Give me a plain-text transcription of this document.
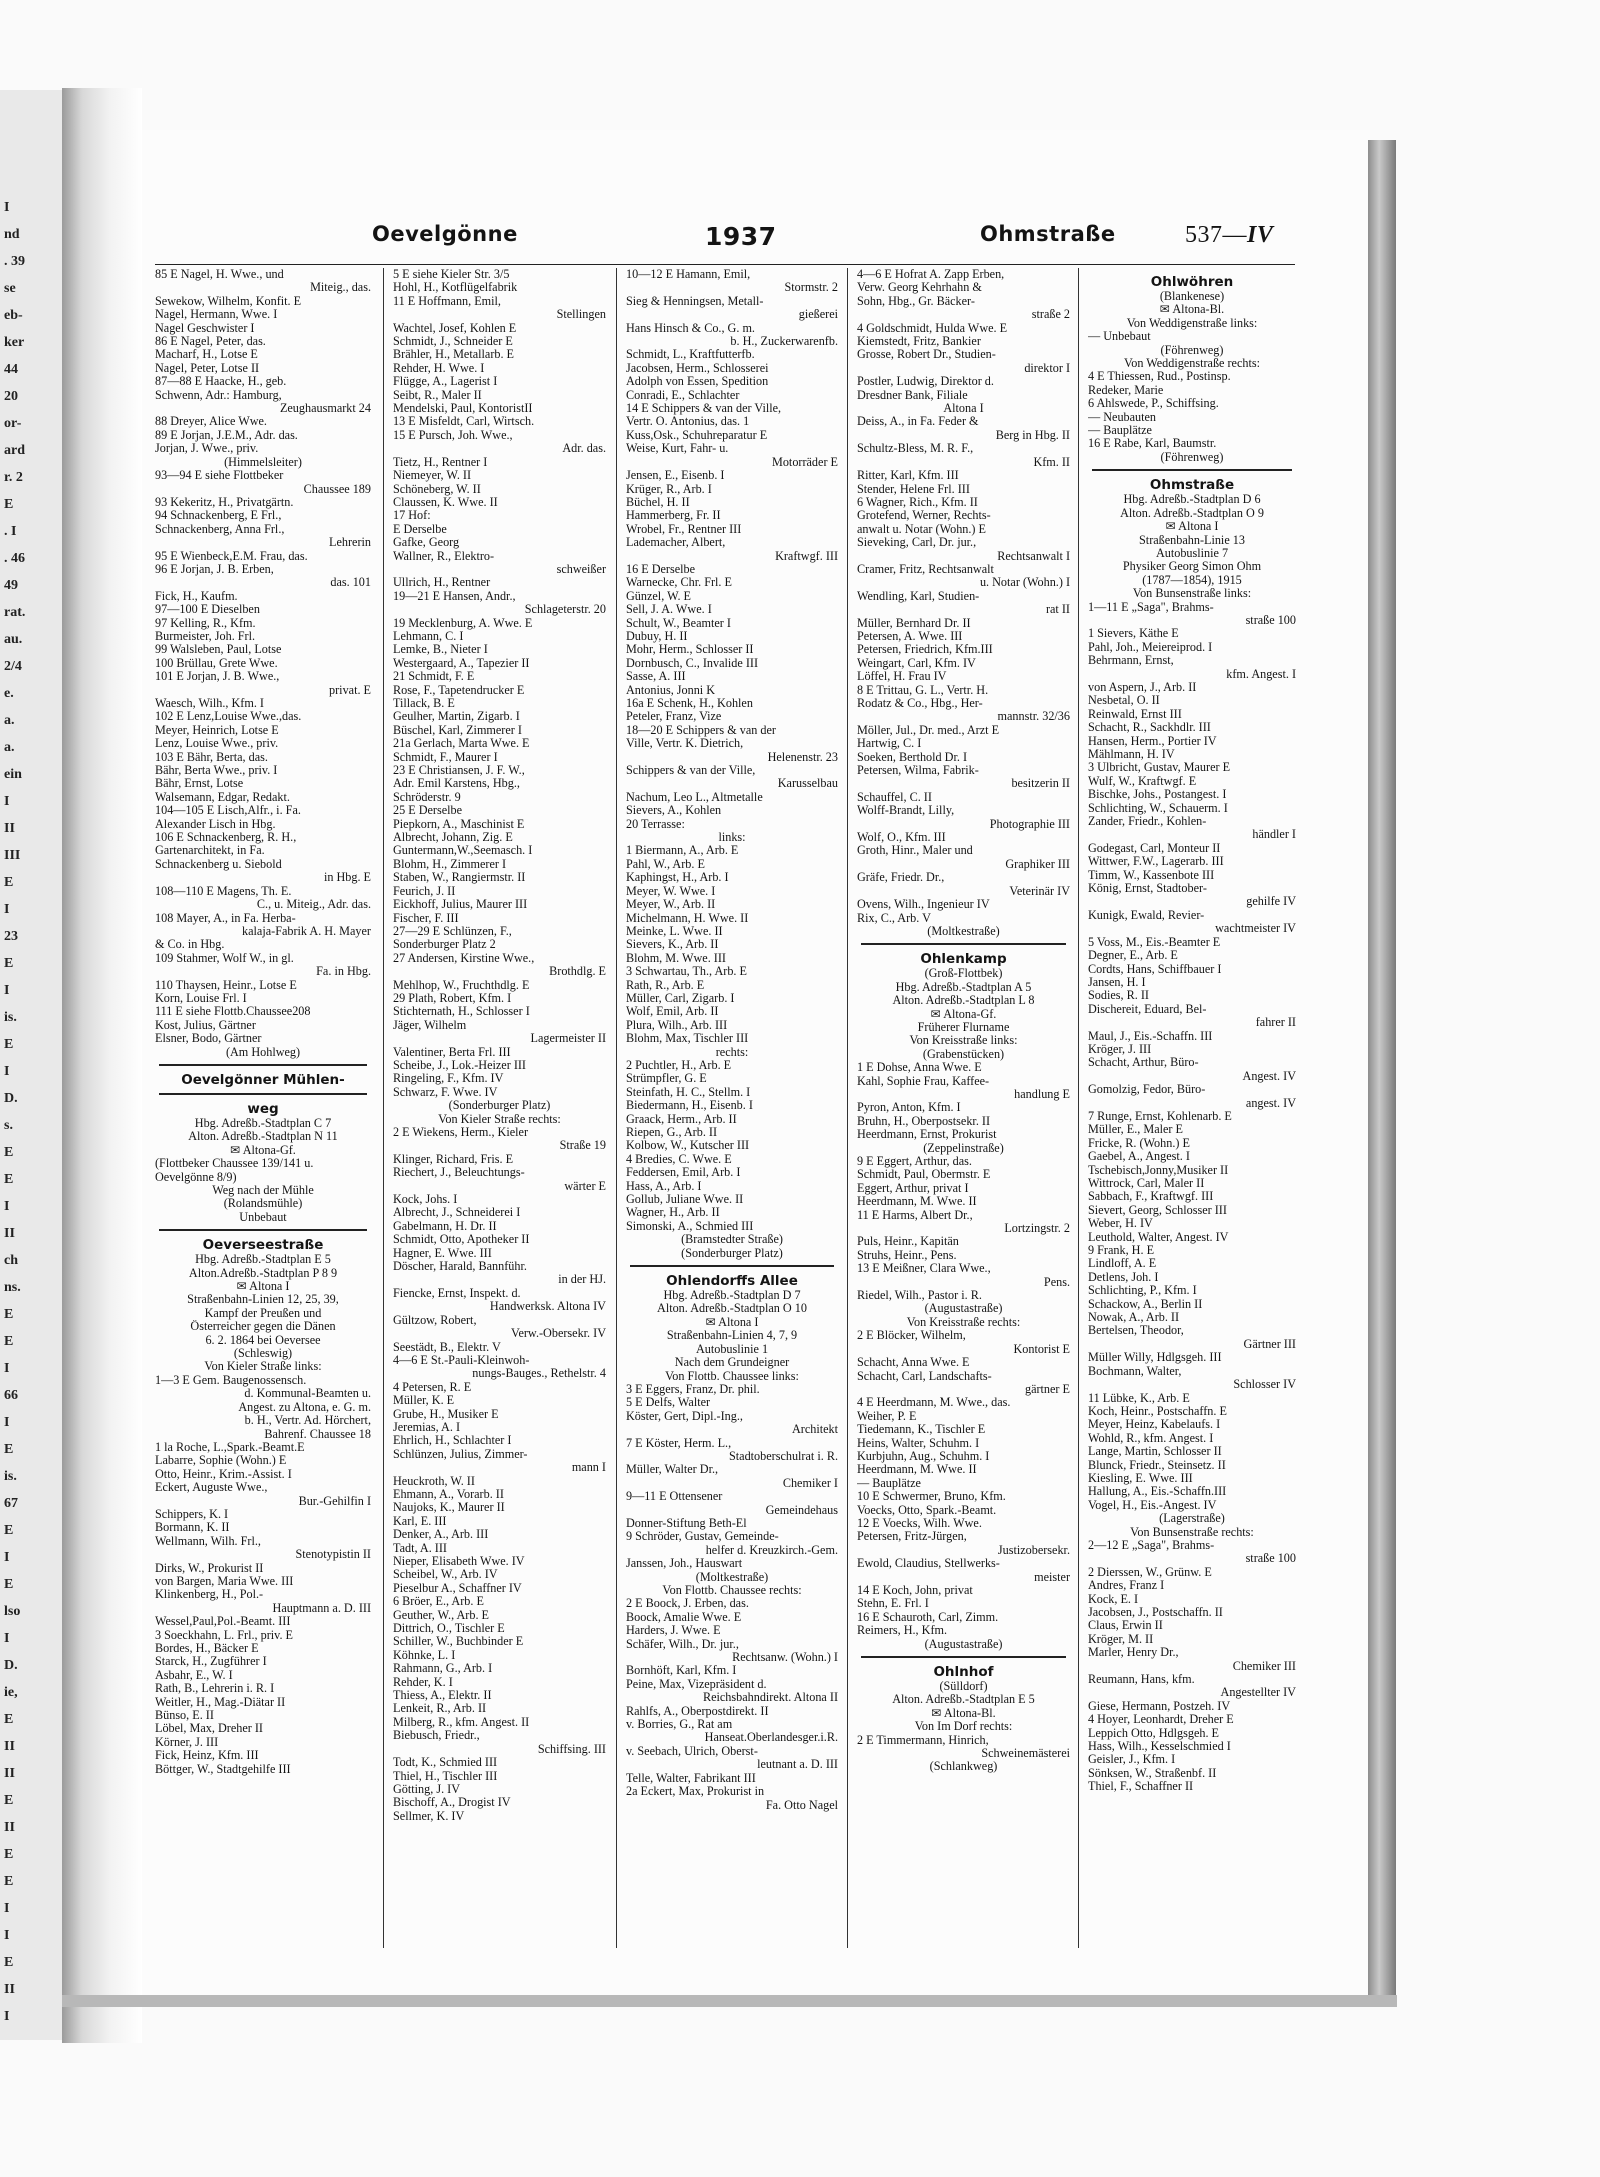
I
nd
. 39
se
eb-
ker
44
20
or-
ard
r. 2
E
. I
. 46
49
rat.
au.
2/4
e.
a.
a.
ein
I
II
III
E
I
23
E
I
is.
E
I
D.
s.
E
E
I
II
ch
ns.
E
E
I
66
I
E
is.
67
E
I
E
lso
I
D.
ie,
E
II
II
E
II
E
E
I
I
E
II
I
Oevelgönne	1937	Ohmstraße	537—IV
85 E Nagel, H. Wwe., und
Miteig., das.
Sewekow, Wilhelm, Konfit. E
Nagel, Hermann, Wwe. I
Nagel Geschwister I
86 E Nagel, Peter, das.
Macharf, H., Lotse E
Nagel, Peter, Lotse II
87—88 E Haacke, H., geb.
Schwenn, Adr.: Hamburg,
Zeughausmarkt 24
88 Dreyer, Alice Wwe.
89 E Jorjan, J.E.M., Adr. das.
Jorjan, J. Wwe., priv.
(Himmelsleiter)
93—94 E siehe Flottbeker
Chaussee 189
93 Kekeritz, H., Privatgärtn.
94 Schnackenberg, E Frl.,
Schnackenberg, Anna Frl.,
Lehrerin
95 E Wienbeck,E.M. Frau, das.
96 E Jorjan, J. B. Erben,
das. 101
Fick, H., Kaufm.
97—100 E Dieselben
97 Kelling, R., Kfm.
Burmeister, Joh. Frl.
99 Walsleben, Paul, Lotse
100 Brüllau, Grete Wwe.
101 E Jorjan, J. B. Wwe.,
privat. E
Waesch, Wilh., Kfm. I
102 E Lenz,Louise Wwe.,das.
Meyer, Heinrich, Lotse E
Lenz, Louise Wwe., priv.
103 E Bähr, Berta, das.
Bähr, Berta Wwe., priv. I
Bähr, Ernst, Lotse
Walsemann, Edgar, Redakt.
104—105 E Lisch,Alfr., i. Fa.
Alexander Lisch in Hbg.
106 E Schnackenberg, R. H.,
Gartenarchitekt, in Fa.
Schnackenberg u. Siebold
in Hbg. E
108—110 E Magens, Th. E.
C., u. Miteig., Adr. das.
108 Mayer, A., in Fa. Herba-
kalaja-Fabrik A. H. Mayer
& Co. in Hbg.
109 Stahmer, Wolf W., in gl.
Fa. in Hbg.
110 Thaysen, Heinr., Lotse E
Korn, Louise Frl. I
111 E siehe Flottb.Chaussee208
Kost, Julius, Gärtner
Elsner, Bodo, Gärtner
(Am Hohlweg)
Oevelgönner Mühlen-
weg
Hbg. Adreßb.-Stadtplan C 7
Alton. Adreßb.-Stadtplan N 11
✉ Altona-Gf.
(Flottbeker Chaussee 139/141 u.
Oevelgönne 8/9)
Weg nach der Mühle
(Rolandsmühle)
Unbebaut
Oeverseestraße
Hbg. Adreßb.-Stadtplan E 5
Alton.Adreßb.-Stadtplan P 8 9
✉ Altona I
Straßenbahn-Linien 12, 25, 39,
Kampf der Preußen und
Österreicher gegen die Dänen
6. 2. 1864 bei Oeversee
(Schleswig)
Von Kieler Straße links:
1—3 E Gem. Baugenossensch.
d. Kommunal-Beamten u.
Angest. zu Altona, e. G. m.
b. H., Vertr. Ad. Hörchert,
Bahrenf. Chaussee 18
1 la Roche, L.,Spark.-Beamt.E
Labarre, Sophie (Wohn.) E
Otto, Heinr., Krim.-Assist. I
Eckert, Auguste Wwe.,
Bur.-Gehilfin I
Schippers, K. I
Bormann, K. II
Wellmann, Wilh. Frl.,
Stenotypistin II
Dirks, W., Prokurist II
von Bargen, Maria Wwe. III
Klinkenberg, H., Pol.-
Hauptmann a. D. III
Wessel,Paul,Pol.-Beamt. III
3 Soeckhahn, L. Frl., priv. E
Bordes, H., Bäcker E
Starck, H., Zugführer I
Asbahr, E., W. I
Rath, B., Lehrerin i. R. I
Weitler, H., Mag.-Diätar II
Bünso, E. II
Löbel, Max, Dreher II
Körner, J. III
Fick, Heinz, Kfm. III
Böttger, W., Stadtgehilfe III
5 E siehe Kieler Str. 3/5
Hohl, H., Kotflügelfabrik
11 E Hoffmann, Emil,
Stellingen
Wachtel, Josef, Kohlen E
Schmidt, J., Schneider E
Brähler, H., Metallarb. E
Rehder, H. Wwe. I
Flügge, A., Lagerist I
Seibt, R., Maler II
Mendelski, Paul, KontoristII
13 E Misfeldt, Carl, Wirtsch.
15 E Pursch, Joh. Wwe.,
Adr. das.
Tietz, H., Rentner I
Niemeyer, W. II
Schöneberg, W. II
Claussen, K. Wwe. II
17 Hof:
E Derselbe
Gafke, Georg
Wallner, R., Elektro-
schweißer
Ullrich, H., Rentner
19—21 E Hansen, Andr.,
Schlageterstr. 20
19 Mecklenburg, A. Wwe. E
Lehmann, C. I
Lemke, B., Nieter I
Westergaard, A., Tapezier II
21 Schmidt, F. E
Rose, F., Tapetendrucker E
Tillack, B. E
Geulher, Martin, Zigarb. I
Büschel, Karl, Zimmerer I
21a Gerlach, Marta Wwe. E
Schmidt, F., Maurer I
23 E Christiansen, J. F. W.,
Adr. Emil Karstens, Hbg.,
Schröderstr. 9
25 E Derselbe
Piepkorn, A., Maschinist E
Albrecht, Johann, Zig. E
Guntermann,W.,Seemasch. I
Blohm, H., Zimmerer I
Staben, W., Rangiermstr. II
Feurich, J. II
Eickhoff, Julius, Maurer III
Fischer, F. III
27—29 E Schlünzen, F.,
Sonderburger Platz 2
27 Andersen, Kirstine Wwe.,
Brothdlg. E
Mehlhop, W., Fruchthdlg. E
29 Plath, Robert, Kfm. I
Stichternath, H., Schlosser I
Jäger, Wilhelm
Lagermeister II
Valentiner, Berta Frl. III
Scheibe, J., Lok.-Heizer III
Ringeling, F., Kfm. IV
Schwarz, F. Wwe. IV
(Sonderburger Platz)
Von Kieler Straße rechts:
2 E Wiekens, Herm., Kieler
Straße 19
Klinger, Richard, Fris. E
Riechert, J., Beleuchtungs-
wärter E
Kock, Johs. I
Albrecht, J., Schneiderei I
Gabelmann, H. Dr. II
Schmidt, Otto, Apotheker II
Hagner, E. Wwe. III
Döscher, Harald, Bannführ.
in der HJ.
Fiencke, Ernst, Inspekt. d.
Handwerksk. Altona IV
Gültzow, Robert,
Verw.-Obersekr. IV
Seestädt, B., Elektr. V
4—6 E St.-Pauli-Kleinwoh-
nungs-Bauges., Rethelstr. 4
4 Petersen, R. E
Müller, K. E
Grube, H., Musiker E
Jeremias, A. I
Ehrlich, H., Schlachter I
Schlünzen, Julius, Zimmer-
mann I
Heuckroth, W. II
Ehmann, A., Vorarb. II
Naujoks, K., Maurer II
Karl, E. III
Denker, A., Arb. III
Tadt, A. III
Nieper, Elisabeth Wwe. IV
Scheibel, W., Arb. IV
Pieselbur A., Schaffner IV
6 Bröer, E., Arb. E
Geuther, W., Arb. E
Dittrich, O., Tischler E
Schiller, W., Buchbinder E
Köhnke, L. I
Rahmann, G., Arb. I
Rehder, K. I
Thiess, A., Elektr. II
Lenkeit, R., Arb. II
Milberg, R., kfm. Angest. II
Biebusch, Friedr.,
Schiffsing. III
Todt, K., Schmied III
Thiel, H., Tischler III
Götting, J. IV
Bischoff, A., Drogist IV
Sellmer, K. IV
10—12 E Hamann, Emil,
Stormstr. 2
Sieg & Henningsen, Metall-
gießerei
Hans Hinsch & Co., G. m.
b. H., Zuckerwarenfb.
Schmidt, L., Kraftfutterfb.
Jacobsen, Herm., Schlosserei
Adolph von Essen, Spedition
Conradi, E., Schlachter
14 E Schippers & van der Ville,
Vertr. O. Antonius, das. 1
Kuss,Osk., Schuhreparatur E
Weise, Kurt, Fahr- u.
Motorräder E
Jensen, E., Eisenb. I
Krüger, R., Arb. I
Büchel, H. II
Hammerberg, Fr. II
Wrobel, Fr., Rentner III
Lademacher, Albert,
Kraftwgf. III
16 E Derselbe
Warnecke, Chr. Frl. E
Günzel, W. E
Sell, J. A. Wwe. I
Schult, W., Beamter I
Dubuy, H. II
Mohr, Herm., Schlosser II
Dornbusch, C., Invalide III
Sasse, A. III
Antonius, Jonni K
16a E Schenk, H., Kohlen
Peteler, Franz, Vize
18—20 E Schippers & van der
Ville, Vertr. K. Dietrich,
Helenenstr. 23
Schippers & van der Ville,
Karusselbau
Nachum, Leo L., Altmetalle
Sievers, A., Kohlen
20 Terrasse:
links:
1 Biermann, A., Arb. E
Pahl, W., Arb. E
Kaphingst, H., Arb. I
Meyer, W. Wwe. I
Meyer, W., Arb. II
Michelmann, H. Wwe. II
Meinke, L. Wwe. II
Sievers, K., Arb. II
Blohm, M. Wwe. III
3 Schwartau, Th., Arb. E
Rath, R., Arb. E
Müller, Carl, Zigarb. I
Wolf, Emil, Arb. II
Plura, Wilh., Arb. III
Blohm, Max, Tischler III
rechts:
2 Puchtler, H., Arb. E
Strümpfler, G. E
Steinfath, H. C., Stellm. I
Biedermann, H., Eisenb. I
Graack, Herm., Arb. II
Riepen, G., Arb. II
Kolbow, W., Kutscher III
4 Bredies, C. Wwe. E
Feddersen, Emil, Arb. I
Hass, A., Arb. I
Gollub, Juliane Wwe. II
Wagner, H., Arb. II
Simonski, A., Schmied III
(Bramstedter Straße)
(Sonderburger Platz)
Ohlendorffs Allee
Hbg. Adreßb.-Stadtplan D 7
Alton. Adreßb.-Stadtplan O 10
✉ Altona I
Straßenbahn-Linien 4, 7, 9
Autobuslinie 1
Nach dem Grundeigner
Von Flottb. Chaussee links:
3 E Eggers, Franz, Dr. phil.
5 E Delfs, Walter
Köster, Gert, Dipl.-Ing.,
Architekt
7 E Köster, Herm. L.,
Stadtoberschulrat i. R.
Müller, Walter Dr.,
Chemiker I
9—11 E Ottensener
Gemeindehaus
Donner-Stiftung Beth-El
9 Schröder, Gustav, Gemeinde-
helfer d. Kreuzkirch.-Gem.
Janssen, Joh., Hauswart
(Moltkestraße)
Von Flottb. Chaussee rechts:
2 E Boock, J. Erben, das.
Boock, Amalie Wwe. E
Harders, J. Wwe. E
Schäfer, Wilh., Dr. jur.,
Rechtsanw. (Wohn.) I
Bornhöft, Karl, Kfm. I
Peine, Max, Vizepräsident d.
Reichsbahndirekt. Altona II
Rahlfs, A., Oberpostdirekt. II
v. Borries, G., Rat am
Hanseat.Oberlandesger.i.R.
v. Seebach, Ulrich, Oberst-
leutnant a. D. III
Telle, Walter, Fabrikant III
2a Eckert, Max, Prokurist in
Fa. Otto Nagel
4—6 E Hofrat A. Zapp Erben,
Verw. Georg Kehrhahn &
Sohn, Hbg., Gr. Bäcker-
straße 2
4 Goldschmidt, Hulda Wwe. E
Kiemstedt, Fritz, Bankier
Grosse, Robert Dr., Studien-
direktor I
Postler, Ludwig, Direktor d.
Dresdner Bank, Filiale
Altona I
Deiss, A., in Fa. Feder &
Berg in Hbg. II
Schultz-Bless, M. R. F.,
Kfm. II
Ritter, Karl, Kfm. III
Stender, Helene Frl. III
6 Wagner, Rich., Kfm. II
Grotefend, Werner, Rechts-
anwalt u. Notar (Wohn.) E
Sieveking, Carl, Dr. jur.,
Rechtsanwalt I
Cramer, Fritz, Rechtsanwalt
u. Notar (Wohn.) I
Wendling, Karl, Studien-
rat II
Müller, Bernhard Dr. II
Petersen, A. Wwe. III
Petersen, Friedrich, Kfm.III
Weingart, Carl, Kfm. IV
Löffel, H. Frau IV
8 E Trittau, G. L., Vertr. H.
Rodatz & Co., Hbg., Her-
mannstr. 32/36
Möller, Jul., Dr. med., Arzt E
Hartwig, C. I
Soeken, Berthold Dr. I
Petersen, Wilma, Fabrik-
besitzerin II
Schauffel, C. II
Wolff-Brandt, Lilly,
Photographie III
Wolf, O., Kfm. III
Groth, Hinr., Maler und
Graphiker III
Gräfe, Friedr. Dr.,
Veterinär IV
Ovens, Wilh., Ingenieur IV
Rix, C., Arb. V
(Moltkestraße)
Ohlenkamp
(Groß-Flottbek)
Hbg. Adreßb.-Stadtplan A 5
Alton. Adreßb.-Stadtplan L 8
✉ Altona-Gf.
Früherer Flurname
Von Kreisstraße links:
(Grabenstücken)
1 E Dohse, Anna Wwe. E
Kahl, Sophie Frau, Kaffee-
handlung E
Pyron, Anton, Kfm. I
Bruhn, H., Oberpostsekr. II
Heerdmann, Ernst, Prokurist
(Zeppelinstraße)
9 E Eggert, Arthur, das.
Schmidt, Paul, Obermstr. E
Eggert, Arthur, privat I
Heerdmann, M. Wwe. II
11 E Harms, Albert Dr.,
Lortzingstr. 2
Puls, Heinr., Kapitän
Struhs, Heinr., Pens.
13 E Meißner, Clara Wwe.,
Pens.
Riedel, Wilh., Pastor i. R.
(Augustastraße)
Von Kreisstraße rechts:
2 E Blöcker, Wilhelm,
Kontorist E
Schacht, Anna Wwe. E
Schacht, Carl, Landschafts-
gärtner E
4 E Heerdmann, M. Wwe., das.
Weiher, P. E
Tiedemann, K., Tischler E
Heins, Walter, Schuhm. I
Kurbjuhn, Aug., Schuhm. I
Heerdmann, M. Wwe. II
— Bauplätze
10 E Schwermer, Bruno, Kfm.
Voecks, Otto, Spark.-Beamt.
12 E Voecks, Wilh. Wwe.
Petersen, Fritz-Jürgen,
Justizobersekr.
Ewold, Claudius, Stellwerks-
meister
14 E Koch, John, privat
Stehn, E. Frl. I
16 E Schauroth, Carl, Zimm.
Reimers, H., Kfm.
(Augustastraße)
Ohlnhof
(Sülldorf)
Alton. Adreßb.-Stadtplan E 5
✉ Altona-Bl.
Von Im Dorf rechts:
2 E Timmermann, Hinrich,
Schweinemästerei
(Schlankweg)
Ohlwöhren
(Blankenese)
✉ Altona-Bl.
Von Weddigenstraße links:
— Unbebaut
(Föhrenweg)
Von Weddigenstraße rechts:
4 E Thiessen, Rud., Postinsp.
Redeker, Marie
6 Ahlswede, P., Schiffsing.
— Neubauten
— Bauplätze
16 E Rabe, Karl, Baumstr.
(Föhrenweg)
Ohmstraße
Hbg. Adreßb.-Stadtplan D 6
Alton. Adreßb.-Stadtplan O 9
✉ Altona I
Straßenbahn-Linie 13
Autobuslinie 7
Physiker Georg Simon Ohm
(1787—1854), 1915
Von Bunsenstraße links:
1—11 E „Saga", Brahms-
straße 100
1 Sievers, Käthe E
Pahl, Joh., Meiereiprod. I
Behrmann, Ernst,
kfm. Angest. I
von Aspern, J., Arb. II
Nesbetal, O. II
Reinwald, Ernst III
Schacht, R., Sackhdlr. III
Hansen, Herm., Portier IV
Mählmann, H. IV
3 Ulbricht, Gustav, Maurer E
Wulf, W., Kraftwgf. E
Bischke, Johs., Postangest. I
Schlichting, W., Schauerm. I
Zander, Friedr., Kohlen-
händler I
Godegast, Carl, Monteur II
Wittwer, F.W., Lagerarb. III
Timm, W., Kassenbote III
König, Ernst, Stadtober-
gehilfe IV
Kunigk, Ewald, Revier-
wachtmeister IV
5 Voss, M., Eis.-Beamter E
Degner, E., Arb. E
Cordts, Hans, Schiffbauer I
Jansen, H. I
Sodies, R. II
Dischereit, Eduard, Bel-
fahrer II
Maul, J., Eis.-Schaffn. III
Kröger, J. III
Schacht, Arthur, Büro-
Angest. IV
Gomolzig, Fedor, Büro-
angest. IV
7 Runge, Ernst, Kohlenarb. E
Müller, E., Maler E
Fricke, R. (Wohn.) E
Gaebel, A., Angest. I
Tschebisch,Jonny,Musiker II
Wittrock, Carl, Maler II
Sabbach, F., Kraftwgf. III
Sievert, Georg, Schlosser III
Weber, H. IV
Leuthold, Walter, Angest. IV
9 Frank, H. E
Lindloff, A. E
Detlens, Joh. I
Schlichting, P., Kfm. I
Schackow, A., Berlin II
Nowak, A., Arb. II
Bertelsen, Theodor,
Gärtner III
Müller Willy, Hdlgsgeh. III
Bochmann, Walter,
Schlosser IV
11 Lübke, K., Arb. E
Koch, Heinr., Postschaffn. E
Meyer, Heinz, Kabelaufs. I
Wohld, R., kfm. Angest. I
Lange, Martin, Schlosser II
Blunck, Friedr., Steinsetz. II
Kiesling, E. Wwe. III
Hallung, A., Eis.-Schaffn.III
Vogel, H., Eis.-Angest. IV
(Lagerstraße)
Von Bunsenstraße rechts:
2—12 E „Saga", Brahms-
straße 100
2 Dierssen, W., Grünw. E
Andres, Franz I
Kock, E. I
Jacobsen, J., Postschaffn. II
Claus, Erwin II
Kröger, M. II
Marler, Henry Dr.,
Chemiker III
Reumann, Hans, kfm.
Angestellter IV
Giese, Hermann, Postzeh. IV
4 Hoyer, Leonhardt, Dreher E
Leppich Otto, Hdlgsgeh. E
Hass, Wilh., Kesselschmied I
Geisler, J., Kfm. I
Sönksen, W., Straßenbf. II
Thiel, F., Schaffner II
